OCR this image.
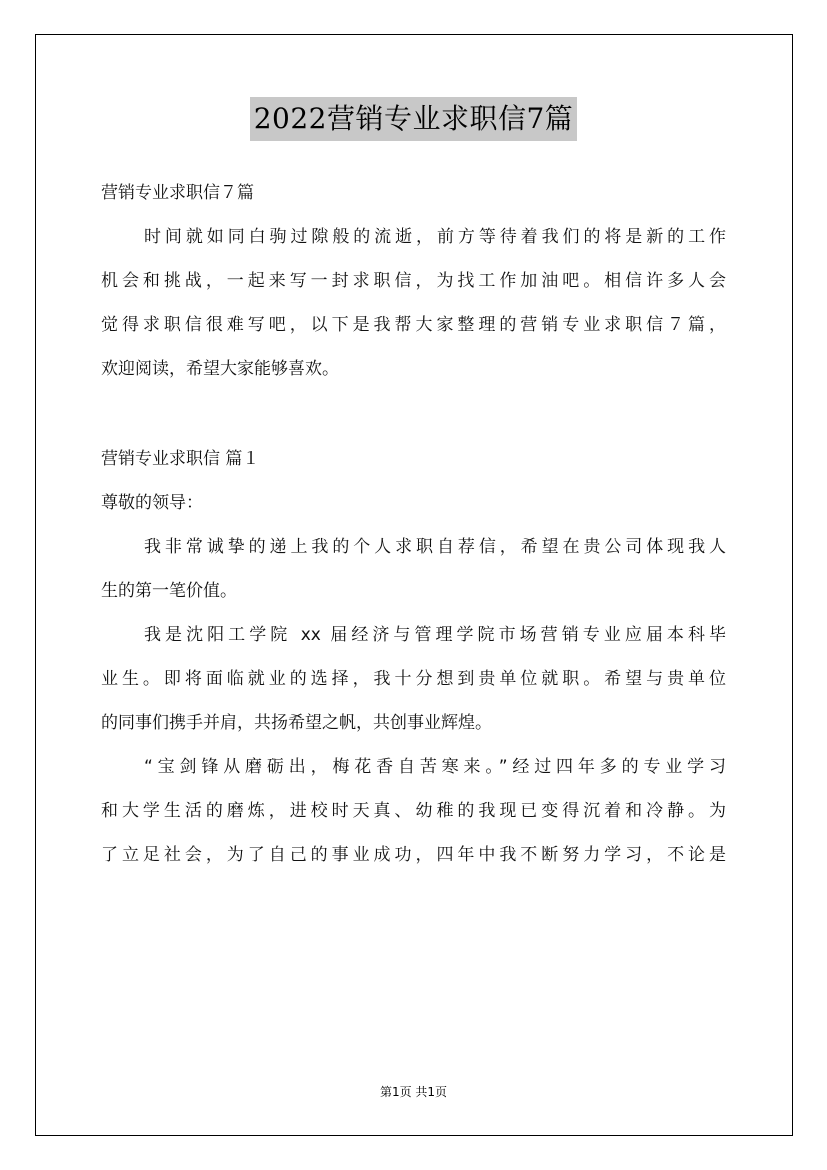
2022营销专业求职信7篇
营销专业求职信７篇
时间就如同白驹过隙般的流逝，前方等待着我们的将是新的工作
机会和挑战，一起来写一封求职信，为找工作加油吧。相信许多人会
觉得求职信很难写吧，以下是我帮大家整理的营销专业求职信７篇，
欢迎阅读，希望大家能够喜欢。
营销专业求职信 篇１
尊敬的领导：
我非常诚挚的递上我的个人求职自荐信，希望在贵公司体现我人
生的第一笔价值。
我是沈阳工学院 xx 届经济与管理学院市场营销专业应届本科毕
业生。即将面临就业的选择，我十分想到贵单位就职。希望与贵单位
的同事们携手并肩，共扬希望之帆，共创事业辉煌。
“宝剑锋从磨砺出，梅花香自苦寒来。”经过四年多的专业学习
和大学生活的磨炼，进校时天真、幼稚的我现已变得沉着和冷静。为
了立足社会，为了自己的事业成功，四年中我不断努力学习，不论是
第1页 共1页
